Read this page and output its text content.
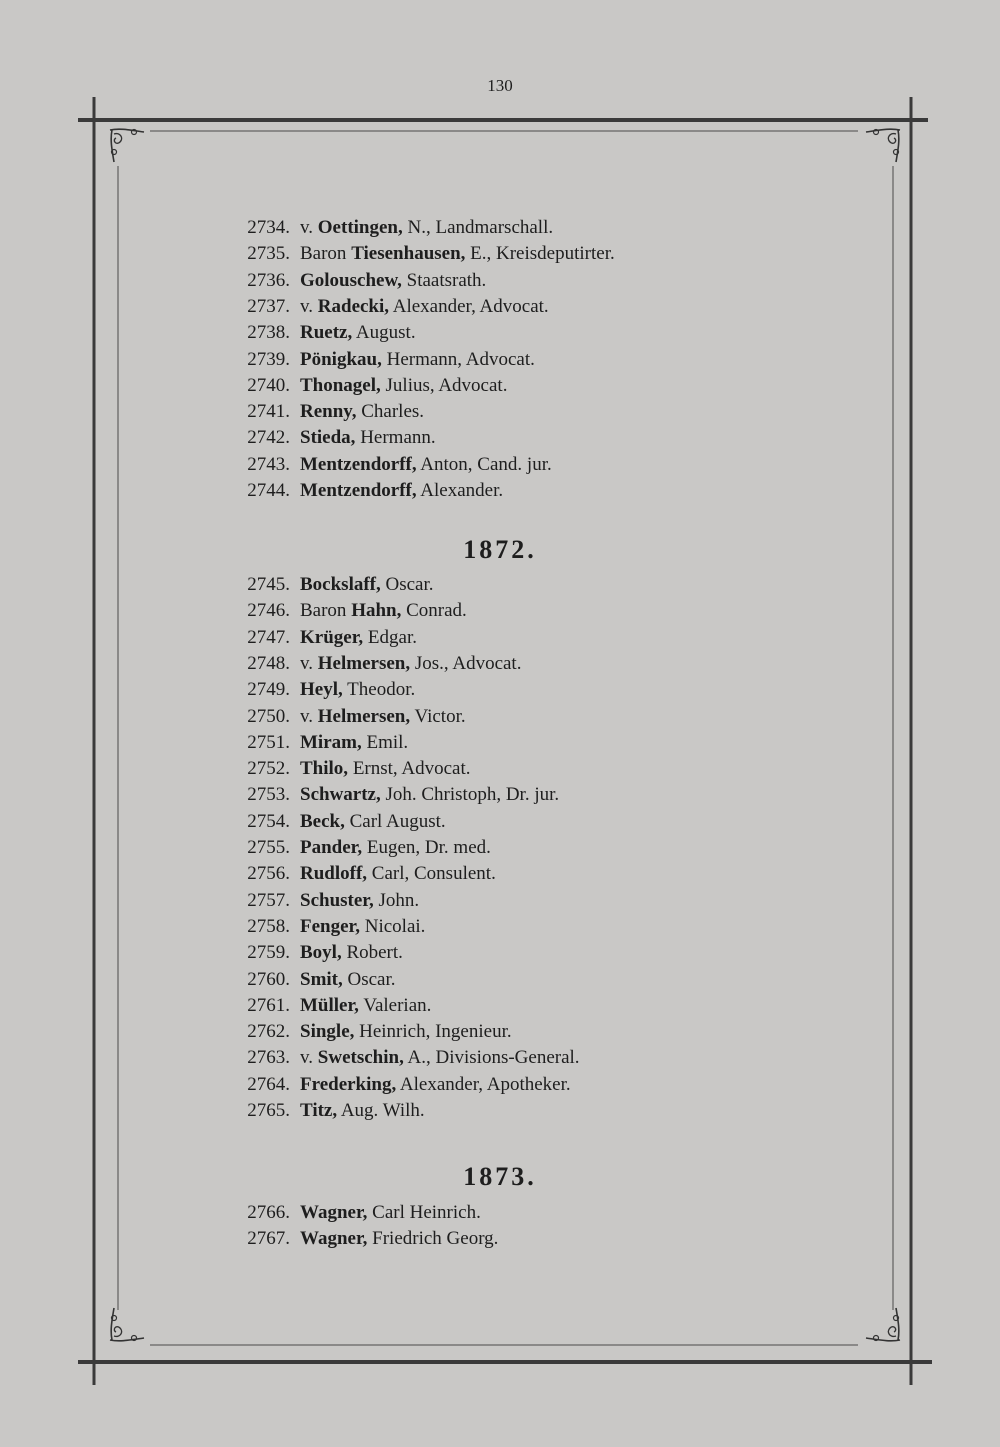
130
2734. v. Oettingen, N., Landmarschall.
2735. Baron Tiesenhausen, E., Kreisdeputirter.
2736. Golouschew, Staatsrath.
2737. v. Radecki, Alexander, Advocat.
2738. Ruetz, August.
2739. Pönigkau, Hermann, Advocat.
2740. Thonagel, Julius, Advocat.
2741. Renny, Charles.
2742. Stieda, Hermann.
2743. Mentzendorff, Anton, Cand. jur.
2744. Mentzendorff, Alexander.
1872.
2745. Bockslaff, Oscar.
2746. Baron Hahn, Conrad.
2747. Krüger, Edgar.
2748. v. Helmersen, Jos., Advocat.
2749. Heyl, Theodor.
2750. v. Helmersen, Victor.
2751. Miram, Emil.
2752. Thilo, Ernst, Advocat.
2753. Schwartz, Joh. Christoph, Dr. jur.
2754. Beck, Carl August.
2755. Pander, Eugen, Dr. med.
2756. Rudloff, Carl, Consulent.
2757. Schuster, John.
2758. Fenger, Nicolai.
2759. Boyl, Robert.
2760. Smit, Oscar.
2761. Müller, Valerian.
2762. Single, Heinrich, Ingenieur.
2763. v. Swetschin, A., Divisions-General.
2764. Frederking, Alexander, Apotheker.
2765. Titz, Aug. Wilh.
1873.
2766. Wagner, Carl Heinrich.
2767. Wagner, Friedrich Georg.
